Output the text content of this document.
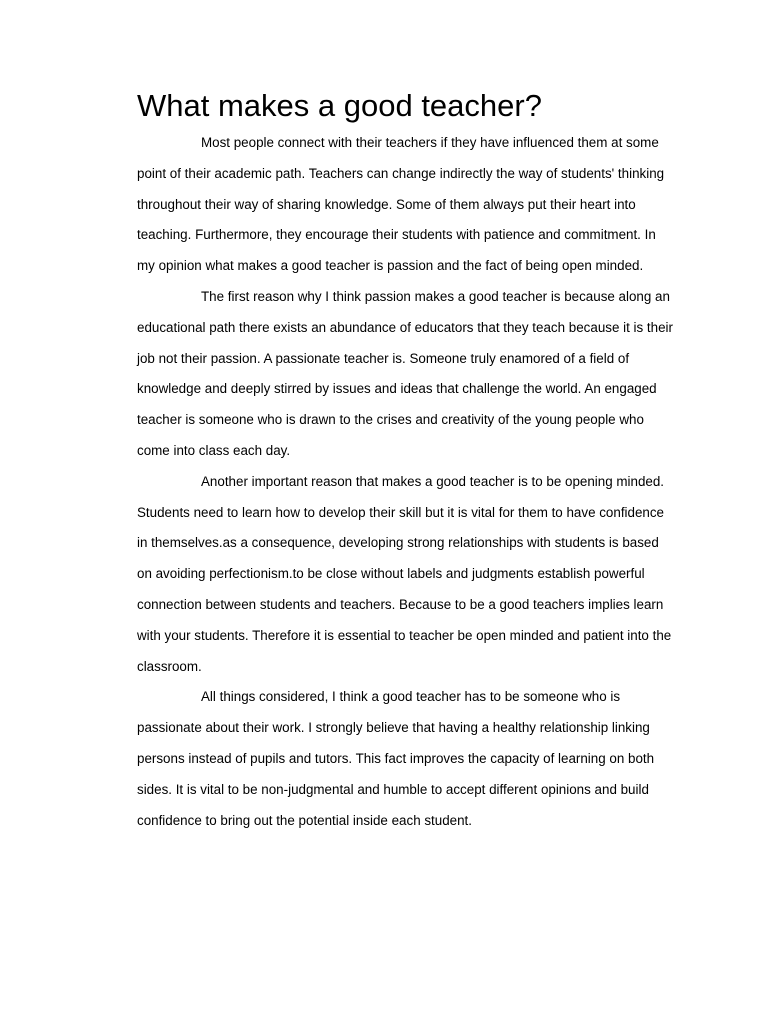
What makes a good teacher?

Most people connect with their teachers if they have influenced them at some point of their academic path. Teachers can change indirectly the way of students' thinking throughout their way of sharing knowledge. Some of them always put their heart into teaching. Furthermore, they encourage their students with patience and commitment. In my opinion what makes a good teacher is passion and the fact of being open minded.

The first reason why I think passion makes a good teacher is because along an educational path there exists an abundance of educators that they teach because it is their job not their passion. A passionate teacher is. Someone truly enamored of a field of knowledge and deeply stirred by issues and ideas that challenge the world. An engaged teacher is someone who is drawn to the crises and creativity of the young people who come into class each day.

Another important reason that makes a good teacher is to be opening minded. Students need to learn how to develop their skill but it is vital for them to have confidence in themselves.as a consequence, developing strong relationships with students is based on avoiding perfectionism.to be close without labels and judgments establish powerful connection between students and teachers. Because to be a good teachers implies learn with your students. Therefore it is essential to teacher be open minded and patient into the classroom.

All things considered, I think a good teacher has to be someone who is passionate about their work. I strongly believe that having a healthy relationship linking persons instead of pupils and tutors. This fact improves the capacity of learning on both sides. It is vital to be non-judgmental and humble to accept different opinions and build confidence to bring out the potential inside each student.
